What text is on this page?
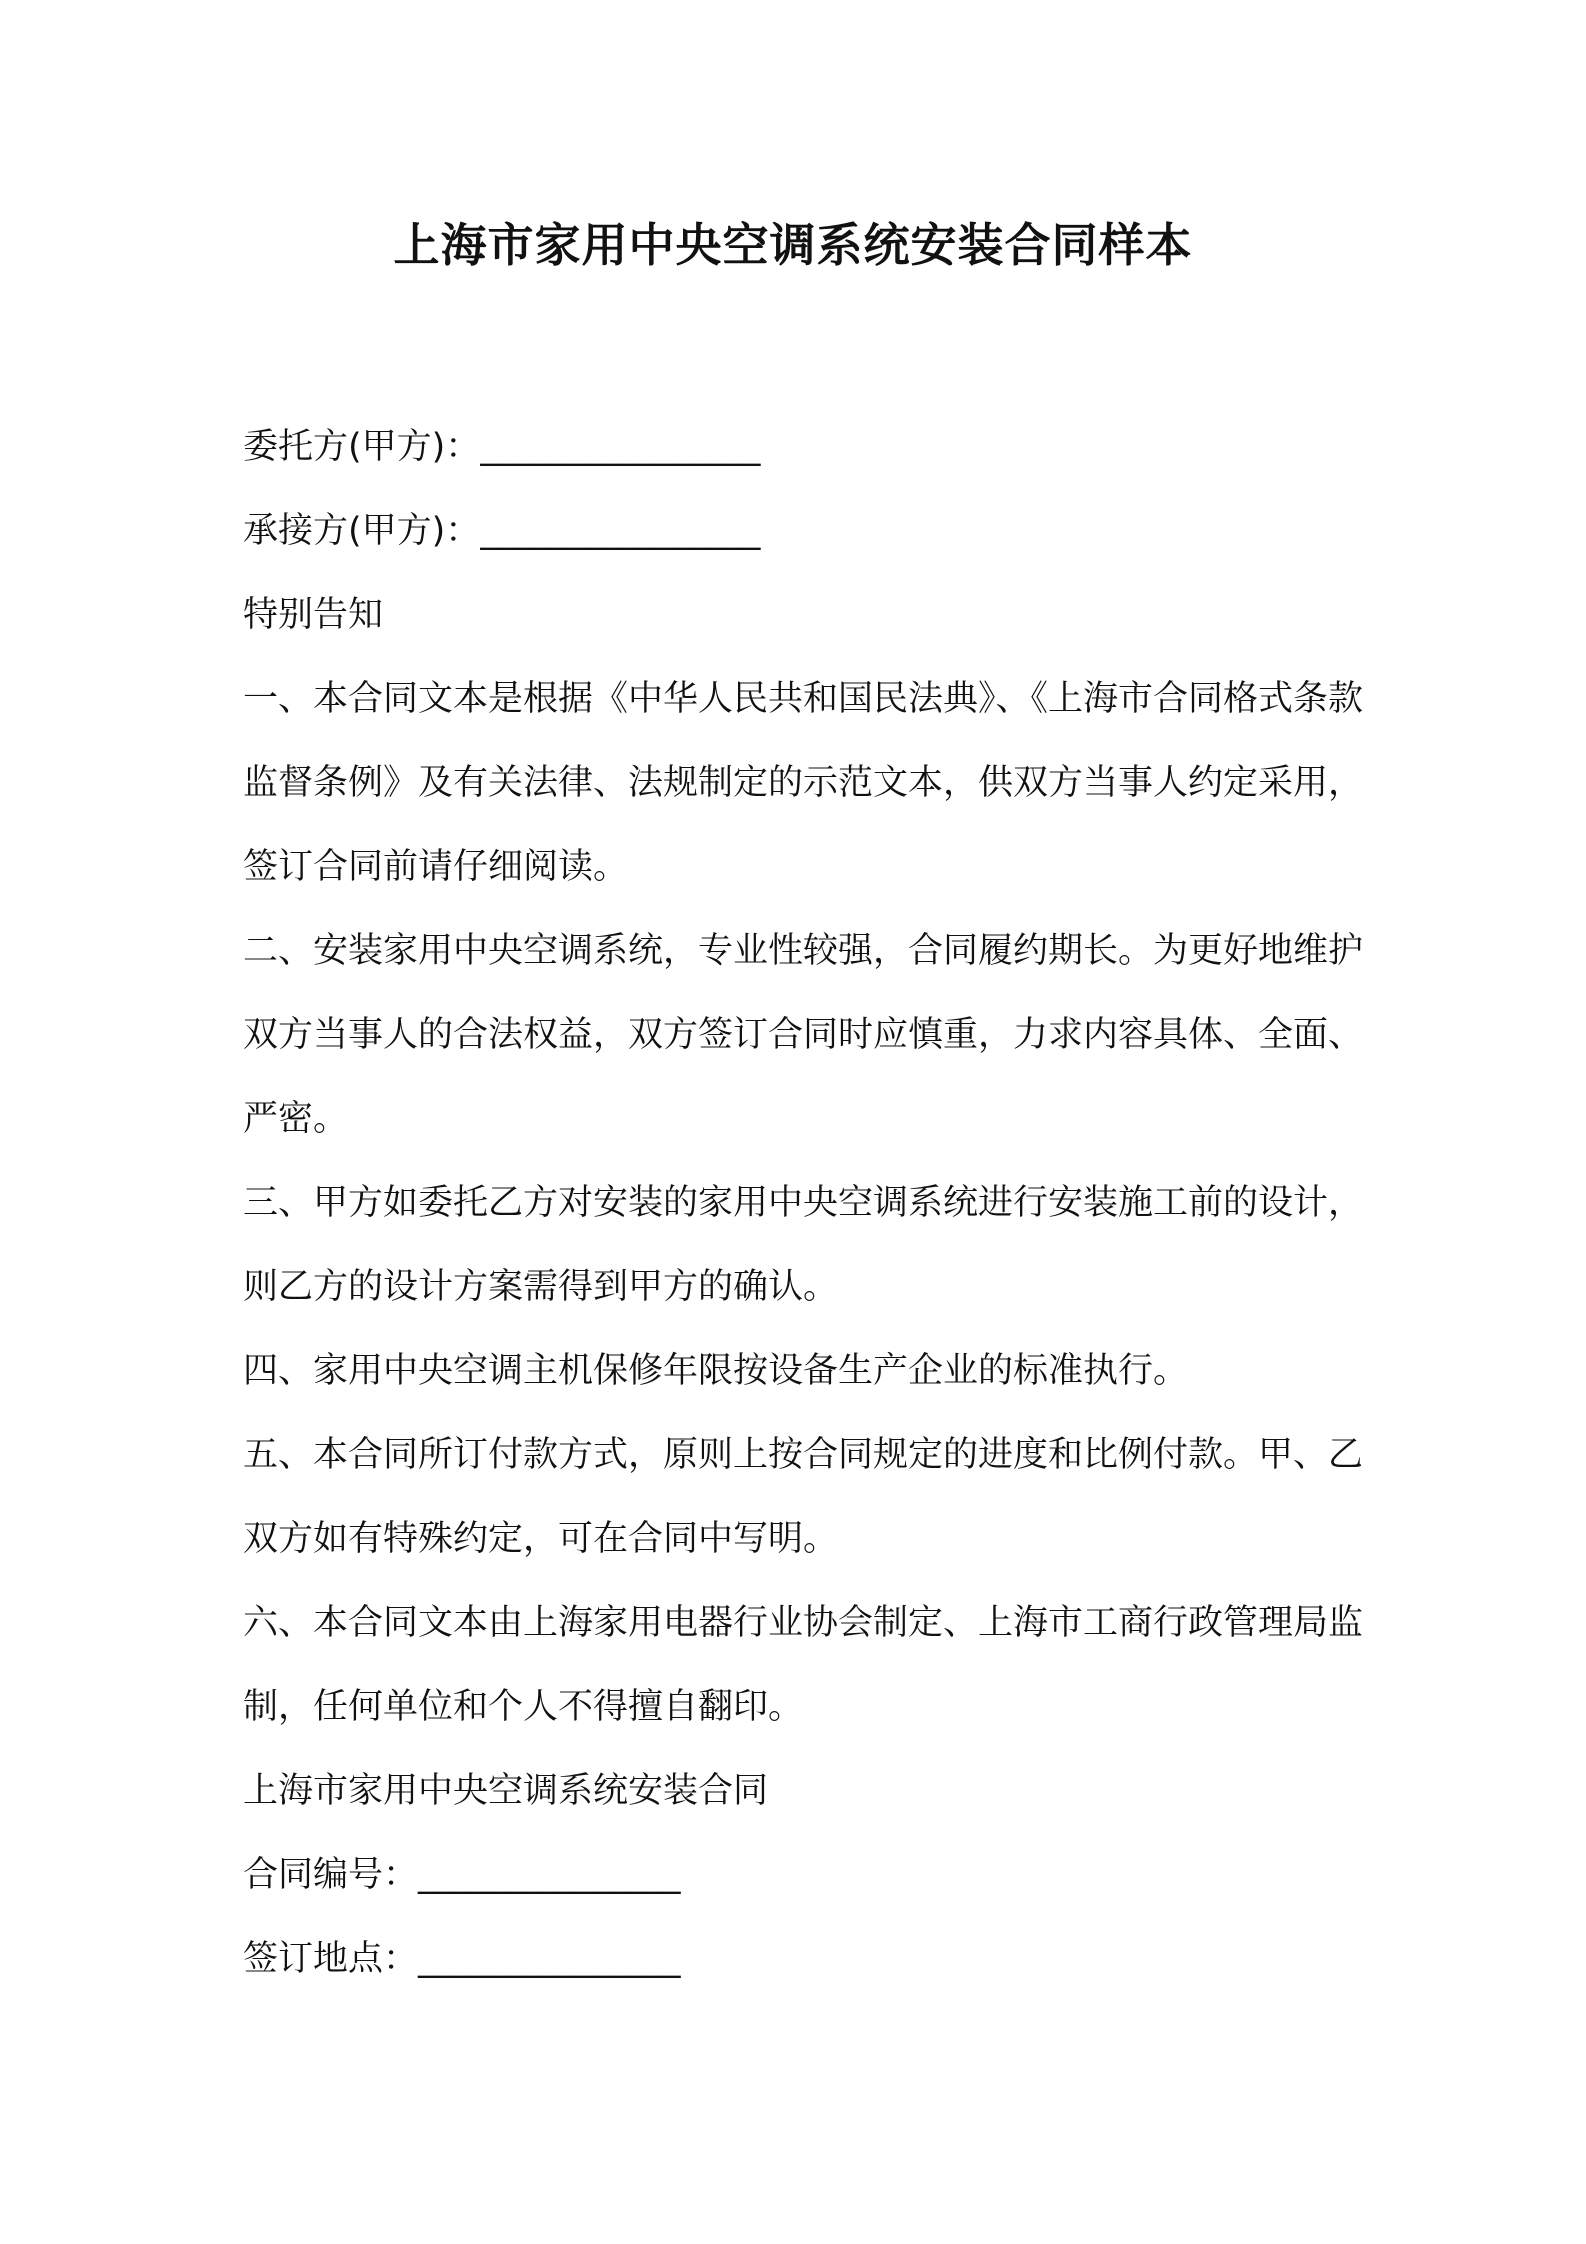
上海市家用中央空调系统安装合同样本
委托方(甲方)：________________
承接方(甲方)：________________
特别告知
一、本合同文本是根据《中华人民共和国民法典》、《上海市合同格式条款监督条例》及有关法律、法规制定的示范文本，供双方当事人约定采用，签订合同前请仔细阅读。
二、安装家用中央空调系统，专业性较强，合同履约期长。为更好地维护双方当事人的合法权益，双方签订合同时应慎重，力求内容具体、全面、严密。
三、甲方如委托乙方对安装的家用中央空调系统进行安装施工前的设计，则乙方的设计方案需得到甲方的确认。
四、家用中央空调主机保修年限按设备生产企业的标准执行。
五、本合同所订付款方式，原则上按合同规定的进度和比例付款。甲、乙双方如有特殊约定，可在合同中写明。
六、本合同文本由上海家用电器行业协会制定、上海市工商行政管理局监制，任何单位和个人不得擅自翻印。
上海市家用中央空调系统安装合同
合同编号：_______________
签订地点：_______________
